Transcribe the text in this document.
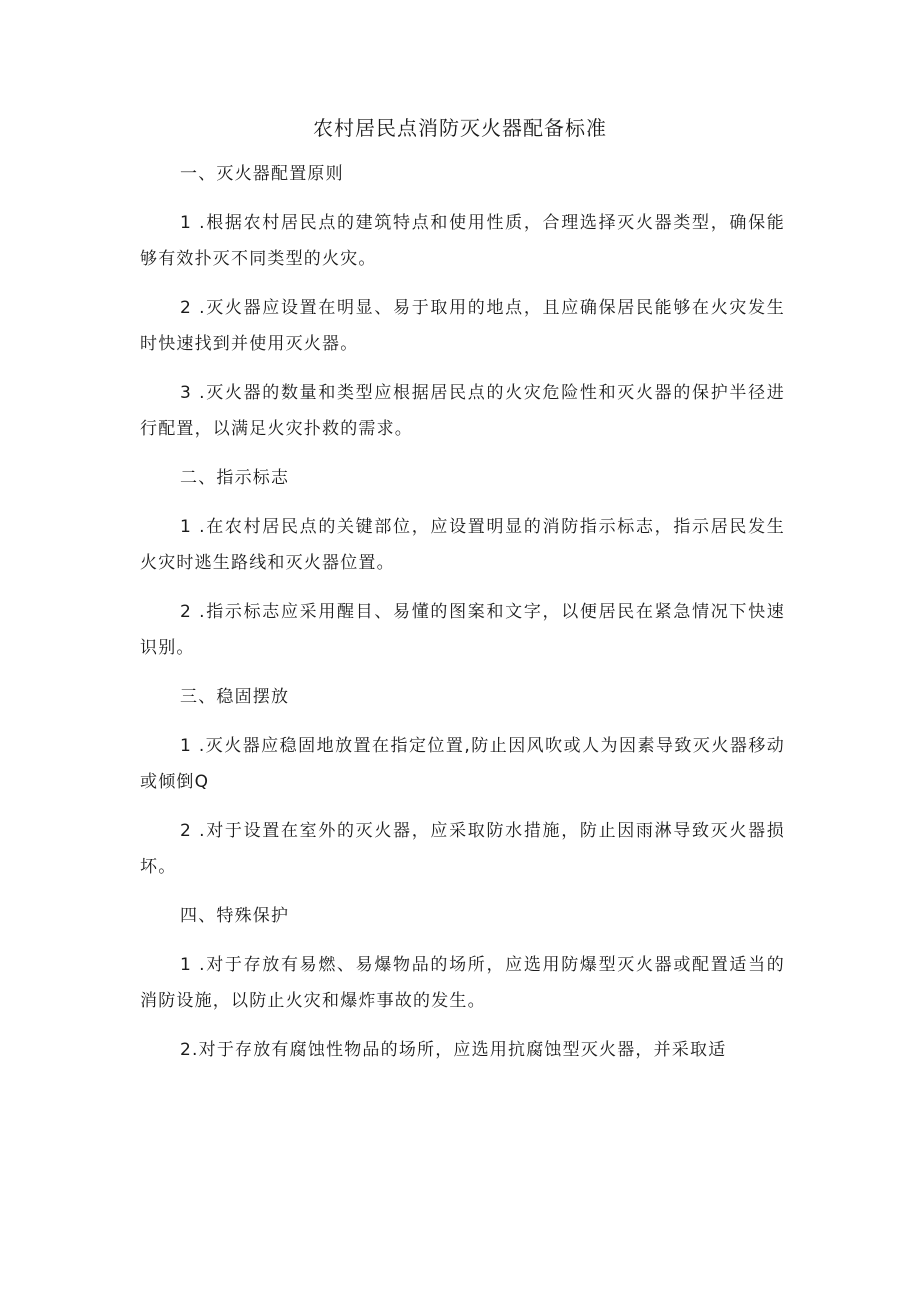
农村居民点消防灭火器配备标准
一、灭火器配置原则
1 .根据农村居民点的建筑特点和使用性质，合理选择灭火器类型，确保能够有效扑灭不同类型的火灾。
2 .灭火器应设置在明显、易于取用的地点，且应确保居民能够在火灾发生时快速找到并使用灭火器。
3 .灭火器的数量和类型应根据居民点的火灾危险性和灭火器的保护半径进行配置，以满足火灾扑救的需求。
二、指示标志
1 .在农村居民点的关键部位，应设置明显的消防指示标志，指示居民发生火灾时逃生路线和灭火器位置。
2 .指示标志应采用醒目、易懂的图案和文字，以便居民在紧急情况下快速识别。
三、稳固摆放
1 .灭火器应稳固地放置在指定位置,防止因风吹或人为因素导致灭火器移动或倾倒Q
2 .对于设置在室外的灭火器，应采取防水措施，防止因雨淋导致灭火器损坏。
四、特殊保护
1 .对于存放有易燃、易爆物品的场所，应选用防爆型灭火器或配置适当的消防设施，以防止火灾和爆炸事故的发生。
2.对于存放有腐蚀性物品的场所，应选用抗腐蚀型灭火器，并采取适
